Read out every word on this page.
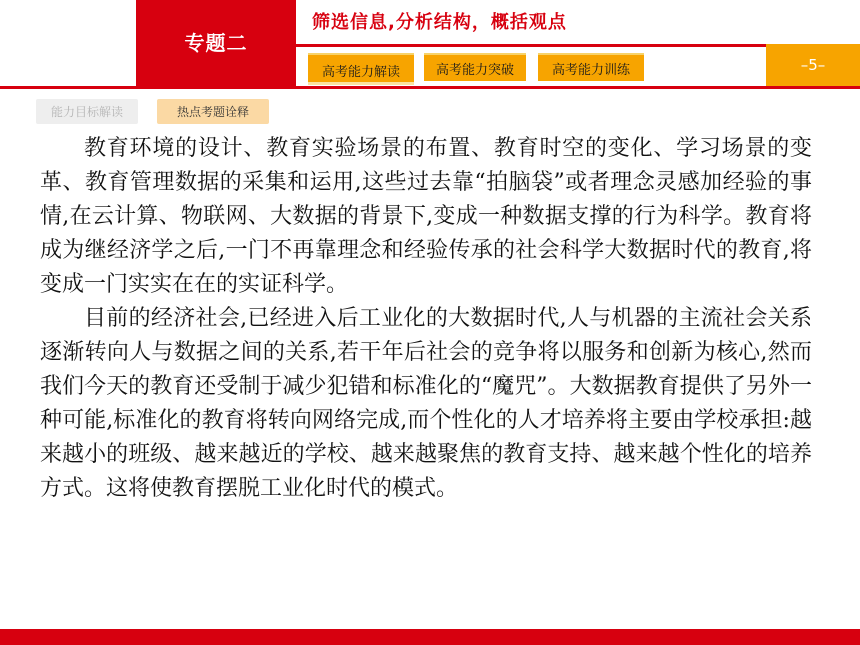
专题二
筛选信息,分析结构，概括观点
高考能力解读	高考能力突破	高考能力训练	–5–
能力目标解读	热点考题诠释

教育环境的设计、教育实验场景的布置、教育时空的变化、学习场景的变革、教育管理数据的采集和运用,这些过去靠“拍脑袋”或者理念灵感加经验的事情,在云计算、物联网、大数据的背景下,变成一种数据支撑的行为科学。教育将成为继经济学之后,一门不再靠理念和经验传承的社会科学大数据时代的教育,将变成一门实实在在的实证科学。

目前的经济社会,已经进入后工业化的大数据时代,人与机器的主流社会关系逐渐转向人与数据之间的关系,若干年后社会的竞争将以服务和创新为核心,然而我们今天的教育还受制于减少犯错和标准化的“魔咒”。大数据教育提供了另外一种可能,标准化的教育将转向网络完成,而个性化的人才培养将主要由学校承担:越来越小的班级、越来越近的学校、越来越聚焦的教育支持、越来越个性化的培养方式。这将使教育摆脱工业化时代的模式。
